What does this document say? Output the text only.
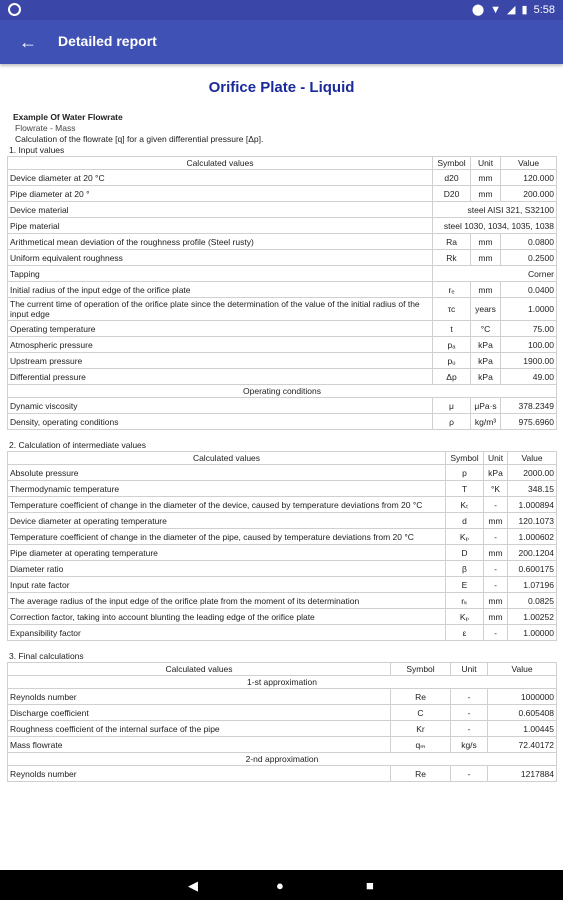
⬤ ▼ ◢ ▮ 5:58
← Detailed report
Orifice Plate - Liquid
Example Of Water Flowrate
Flowrate - Mass
Calculation of the flowrate [q] for a given differential pressure [Δp].
1. Input values
Calculated values	Symbol	Unit	Value
Device diameter at 20 °C	d20	mm	120.000
Pipe diameter at 20 °	D20	mm	200.000
Device material	steel AISI 321, S32100		
Pipe material	steel 1030, 1034, 1035, 1038		
Arithmetical mean deviation of the roughness profile (Steel rusty)	Ra	mm	0.0800
Uniform equivalent roughness	Rk	mm	0.2500
Tapping	Corner		
Initial radius of the input edge of the orifice plate	rₑ	mm	0.0400
The current time of operation of the orifice plate since the determination of the value of the initial radius of the input edge	τc	years	1.0000
Operating temperature	t	°C	75.00
Atmospheric pressure	pₐ	kPa	100.00
Upstream pressure	pᵤ	kPa	1900.00
Differential pressure	Δp	kPa	49.00
Operating conditions			
Dynamic viscosity	μ	μPa·s	378.2349
Density, operating conditions	ρ	kg/m³	975.6960
2. Calculation of intermediate values
Calculated values	Symbol	Unit	Value
Absolute pressure	p	kPa	2000.00
Thermodynamic temperature	T	°K	348.15
Temperature coefficient of change in the diameter of the device, caused by temperature deviations from 20 °C	Kₜ	-	1.000894
Device diameter at operating temperature	d	mm	120.1073
Temperature coefficient of change in the diameter of the pipe, caused by temperature deviations from 20 °C	Kₚ	-	1.000602
Pipe diameter at operating temperature	D	mm	200.1204
Diameter ratio	β	-	0.600175
Input rate factor	E	-	1.07196
The average radius of the input edge of the orifice plate from the moment of its determination	rₖ	mm	0.0825
Correction factor, taking into account blunting the leading edge of the orifice plate	Kₚ	mm	1.00252
Expansibility factor	ε	-	1.00000
3. Final calculations
Calculated values	Symbol	Unit	Value
1-st approximation			
Reynolds number	Re	-	1000000
Discharge coefficient	C	-	0.605408
Roughness coefficient of the internal surface of the pipe	Kr	-	1.00445
Mass flowrate	qₘ	kg/s	72.40172
2-nd approximation			
Reynolds number	Re	-	1217884
◀	●	■
